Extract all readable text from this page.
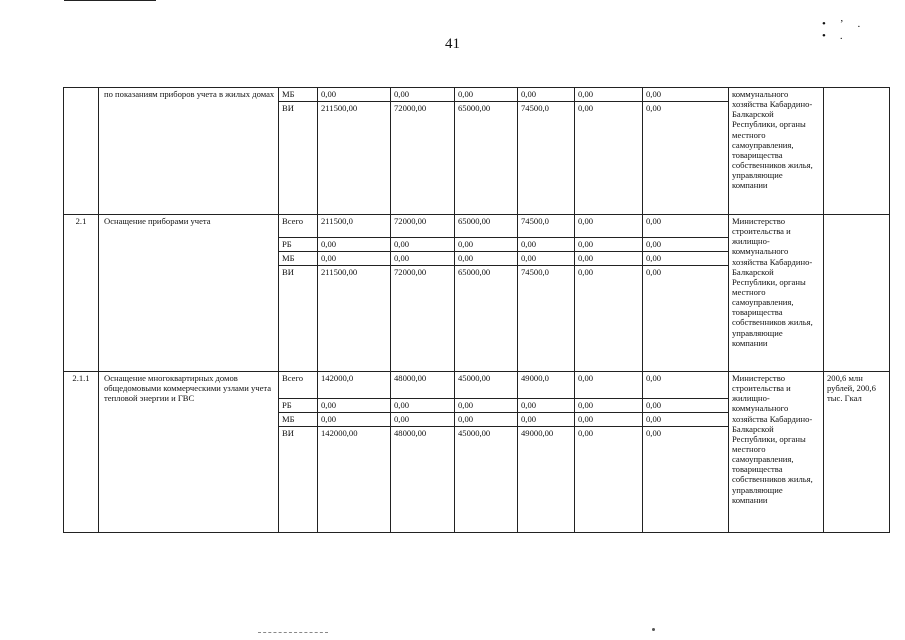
•ʼ. •.
41
	по показаниям приборов учета в жилых домах	МБ	0,00	0,00	0,00	0,00	0,00	0,00	коммунального хозяйства Кабардино-Балкарской Республики, органы местного самоуправления, товарищества собственников жилья, управляющие компании	
		ВИ	211500,00	72000,00	65000,00	74500,0	0,00	0,00		
2.1	Оснащение приборами учета	Всего	211500,0	72000,00	65000,00	74500,0	0,00	0,00	Министерство строительства и жилищно-коммунального хозяйства Кабардино-Балкарской Республики, органы местного самоуправления, товарищества собственников жилья, управляющие компании	
		РБ	0,00	0,00	0,00	0,00	0,00	0,00		
		МБ	0,00	0,00	0,00	0,00	0,00	0,00		
		ВИ	211500,00	72000,00	65000,00	74500,0	0,00	0,00		
2.1.1	Оснащение многоквартирных домов общедомовыми коммерческими узлами учета тепловой энергии и ГВС	Всего	142000,0	48000,00	45000,00	49000,0	0,00	0,00	Министерство строительства и жилищно-коммунального хозяйства Кабардино-Балкарской Республики, органы местного самоуправления, товарищества собственников жилья, управляющие компании	200,6 млн рублей, 200,6 тыс. Гкал
		РБ	0,00	0,00	0,00	0,00	0,00	0,00		
		МБ	0,00	0,00	0,00	0,00	0,00	0,00		
		ВИ	142000,00	48000,00	45000,00	49000,00	0,00	0,00		
